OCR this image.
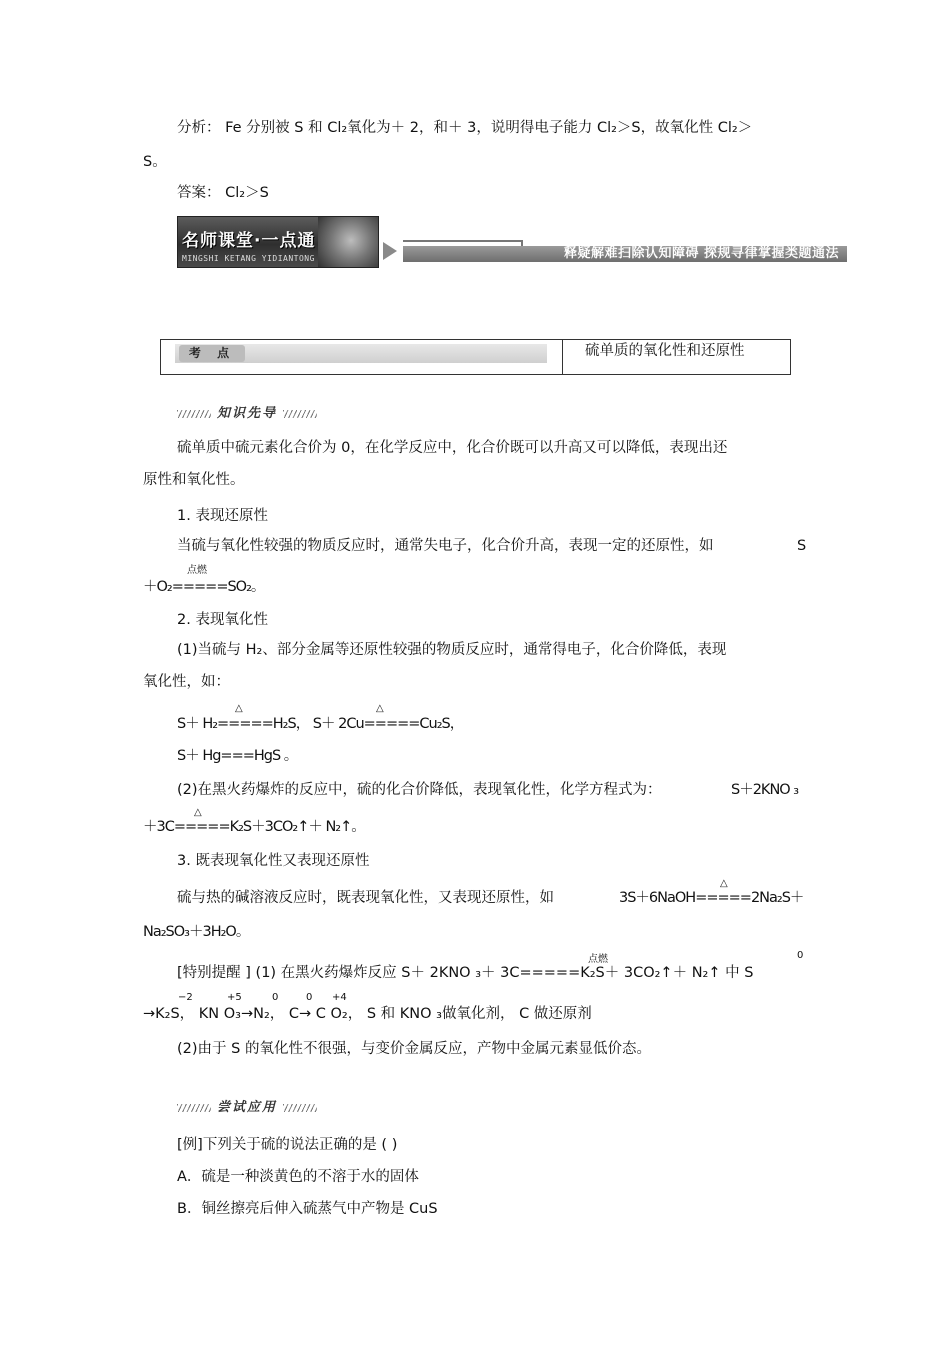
分析： Fe 分别被 S 和 Cl₂氧化为＋ 2，和＋ 3，说明得电子能力 Cl₂＞S，故氧化性 Cl₂＞
S。
答案： Cl₂＞S
名师课堂·一点通
MINGSHI KETANG YIDIANTONG	释疑解难扫除认知障碍 探规寻律掌握类题通法
考 点	硫单质的氧化性和还原性
知识先导
硫单质中硫元素化合价为 0，在化学反应中，化合价既可以升高又可以降低，表现出还
原性和氧化性。
1. 表现还原性
当硫与氧化性较强的物质反应时，通常失电子，化合价升高，表现一定的还原性，如	S
点燃
＋O₂=====SO₂。
2. 表现氧化性
(1)当硫与 H₂、部分金属等还原性较强的物质反应时，通常得电子，化合价降低，表现
氧化性，如：
△	△
S＋ H₂=====H₂S， S＋ 2Cu=====Cu₂S，
S＋ Hg===HgS 。
(2)在黑火药爆炸的反应中，硫的化合价降低，表现氧化性，化学方程式为：	S＋2KNO ₃
△
＋3C=====K₂S＋3CO₂↑＋ N₂↑。
3. 既表现氧化性又表现还原性
硫与热的碱溶液反应时，既表现氧化性，又表现还原性，如
△
3S＋6NaOH=====2Na₂S＋
Na₂SO₃＋3H₂O。
点燃	0
[特别提醒 ] (1) 在黑火药爆炸反应 S＋ 2KNO ₃＋ 3C=====K₂S＋ 3CO₂↑＋ N₂↑ 中 S
−2	+5	0	0 +4
→K₂S， KN O₃→N₂， C→ C O₂， S 和 KNO ₃做氧化剂， C 做还原剂
(2)由于 S 的氧化性不很强，与变价金属反应，产物中金属元素显低价态。
尝试应用
[例]下列关于硫的说法正确的是 ( )
A．硫是一种淡黄色的不溶于水的固体
B．铜丝擦亮后伸入硫蒸气中产物是 CuS
